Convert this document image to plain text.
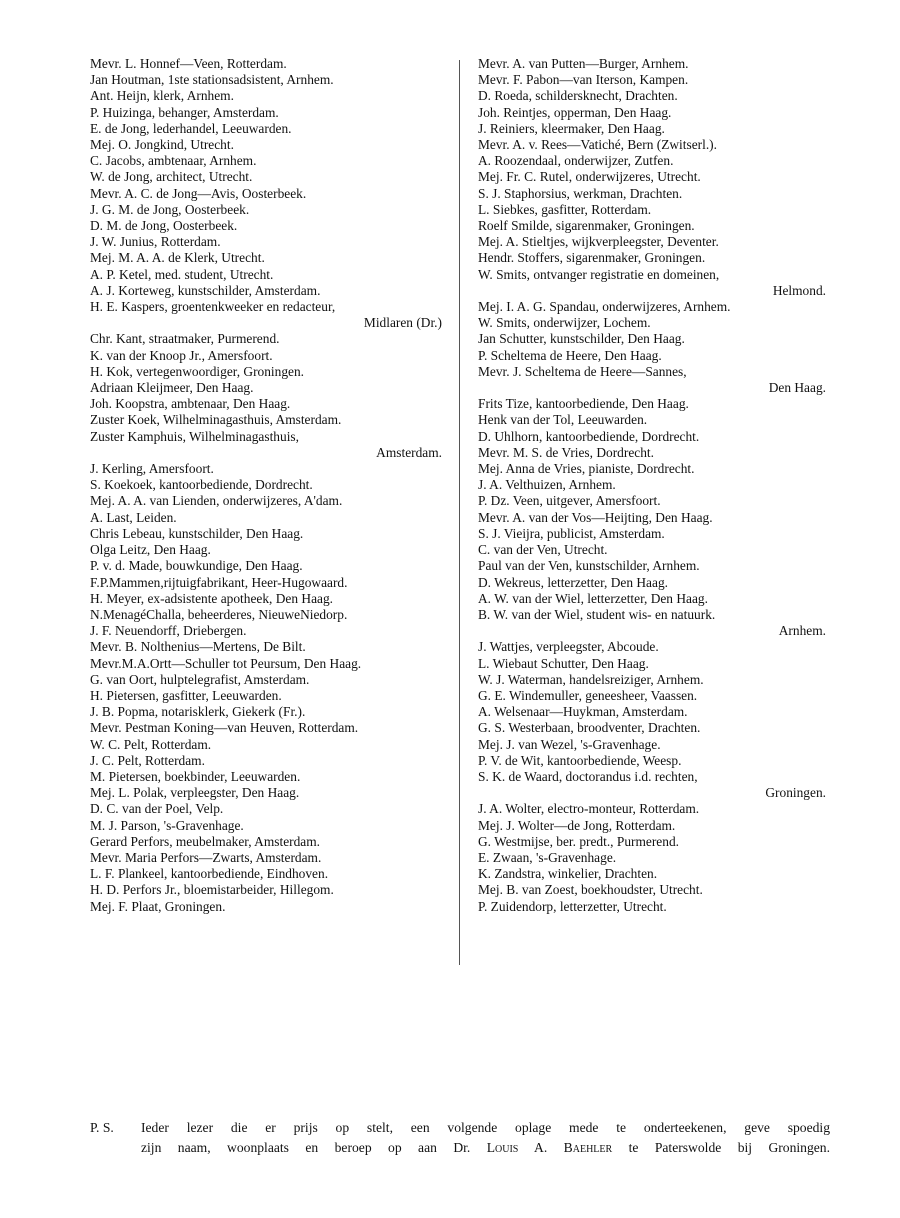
Mevr. L. Honnef—Veen, Rotterdam.
Jan Houtman, 1ste stationsadsistent, Arnhem.
Ant. Heijn, klerk, Arnhem.
P. Huizinga, behanger, Amsterdam.
E. de Jong, lederhandel, Leeuwarden.
Mej. O. Jongkind, Utrecht.
C. Jacobs, ambtenaar, Arnhem.
W. de Jong, architect, Utrecht.
Mevr. A. C. de Jong—Avis, Oosterbeek.
J. G. M. de Jong, Oosterbeek.
D. M. de Jong, Oosterbeek.
J. W. Junius, Rotterdam.
Mej. M. A. A. de Klerk, Utrecht.
A. P. Ketel, med. student, Utrecht.
A. J. Korteweg, kunstschilder, Amsterdam.
H. E. Kaspers, groentenkweeker en redacteur,
Midlaren (Dr.)
Chr. Kant, straatmaker, Purmerend.
K. van der Knoop Jr., Amersfoort.
H. Kok, vertegenwoordiger, Groningen.
Adriaan Kleijmeer, Den Haag.
Joh. Koopstra, ambtenaar, Den Haag.
Zuster Koek, Wilhelminagasthuis, Amsterdam.
Zuster Kamphuis, Wilhelminagasthuis,
Amsterdam.
J. Kerling, Amersfoort.
S. Koekoek, kantoorbediende, Dordrecht.
Mej. A. A. van Lienden, onderwijzeres, A'dam.
A. Last, Leiden.
Chris Lebeau, kunstschilder, Den Haag.
Olga Leitz, Den Haag.
P. v. d. Made, bouwkundige, Den Haag.
F.P.Mammen,rijtuigfabrikant, Heer-Hugowaard.
H. Meyer, ex-adsistente apotheek, Den Haag.
N.MenagéChalla, beheerderes, NieuweNiedorp.
J. F. Neuendorff, Driebergen.
Mevr. B. Nolthenius—Mertens, De Bilt.
Mevr.M.A.Ortt—Schuller tot Peursum, Den Haag.
G. van Oort, hulptelegrafist, Amsterdam.
H. Pietersen, gasfitter, Leeuwarden.
J. B. Popma, notarisklerk, Giekerk (Fr.).
Mevr. Pestman Koning—van Heuven, Rotterdam.
W. C. Pelt, Rotterdam.
J. C. Pelt, Rotterdam.
M. Pietersen, boekbinder, Leeuwarden.
Mej. L. Polak, verpleegster, Den Haag.
D. C. van der Poel, Velp.
M. J. Parson, 's-Gravenhage.
Gerard Perfors, meubelmaker, Amsterdam.
Mevr. Maria Perfors—Zwarts, Amsterdam.
L. F. Plankeel, kantoorbediende, Eindhoven.
H. D. Perfors Jr., bloemistarbeider, Hillegom.
Mej. F. Plaat, Groningen.
Mevr. A. van Putten—Burger, Arnhem.
Mevr. F. Pabon—van Iterson, Kampen.
D. Roeda, schildersknecht, Drachten.
Joh. Reintjes, opperman, Den Haag.
J. Reiniers, kleermaker, Den Haag.
Mevr. A. v. Rees—Vatiché, Bern (Zwitserl.).
A. Roozendaal, onderwijzer, Zutfen.
Mej. Fr. C. Rutel, onderwijzeres, Utrecht.
S. J. Staphorsius, werkman, Drachten.
L. Siebkes, gasfitter, Rotterdam.
Roelf Smilde, sigarenmaker, Groningen.
Mej. A. Stieltjes, wijkverpleegster, Deventer.
Hendr. Stoffers, sigarenmaker, Groningen.
W. Smits, ontvanger registratie en domeinen,
Helmond.
Mej. I. A. G. Spandau, onderwijzeres, Arnhem.
W. Smits, onderwijzer, Lochem.
Jan Schutter, kunstschilder, Den Haag.
P. Scheltema de Heere, Den Haag.
Mevr. J. Scheltema de Heere—Sannes,
Den Haag.
Frits Tize, kantoorbediende, Den Haag.
Henk van der Tol, Leeuwarden.
D. Uhlhorn, kantoorbediende, Dordrecht.
Mevr. M. S. de Vries, Dordrecht.
Mej. Anna de Vries, pianiste, Dordrecht.
J. A. Velthuizen, Arnhem.
P. Dz. Veen, uitgever, Amersfoort.
Mevr. A. van der Vos—Heijting, Den Haag.
S. J. Vieijra, publicist, Amsterdam.
C. van der Ven, Utrecht.
Paul van der Ven, kunstschilder, Arnhem.
D. Wekreus, letterzetter, Den Haag.
A. W. van der Wiel, letterzetter, Den Haag.
B. W. van der Wiel, student wis- en natuurk.
Arnhem.
J. Wattjes, verpleegster, Abcoude.
L. Wiebaut Schutter, Den Haag.
W. J. Waterman, handelsreiziger, Arnhem.
G. E. Windemuller, geneesheer, Vaassen.
A. Welsenaar—Huykman, Amsterdam.
G. S. Westerbaan, broodventer, Drachten.
Mej. J. van Wezel, 's-Gravenhage.
P. V. de Wit, kantoorbediende, Weesp.
S. K. de Waard, doctorandus i.d. rechten,
Groningen.
J. A. Wolter, electro-monteur, Rotterdam.
Mej. J. Wolter—de Jong, Rotterdam.
G. Westmijse, ber. predt., Purmerend.
E. Zwaan, 's-Gravenhage.
K. Zandstra, winkelier, Drachten.
Mej. B. van Zoest, boekhoudster, Utrecht.
P. Zuidendorp, letterzetter, Utrecht.
P. S. Ieder lezer die er prijs op stelt, een volgende oplage mede te onderteekenen, geve spoedig
zijn naam, woonplaats en beroep op aan Dr. Louis A. Baehler te Paterswolde bij Groningen.
